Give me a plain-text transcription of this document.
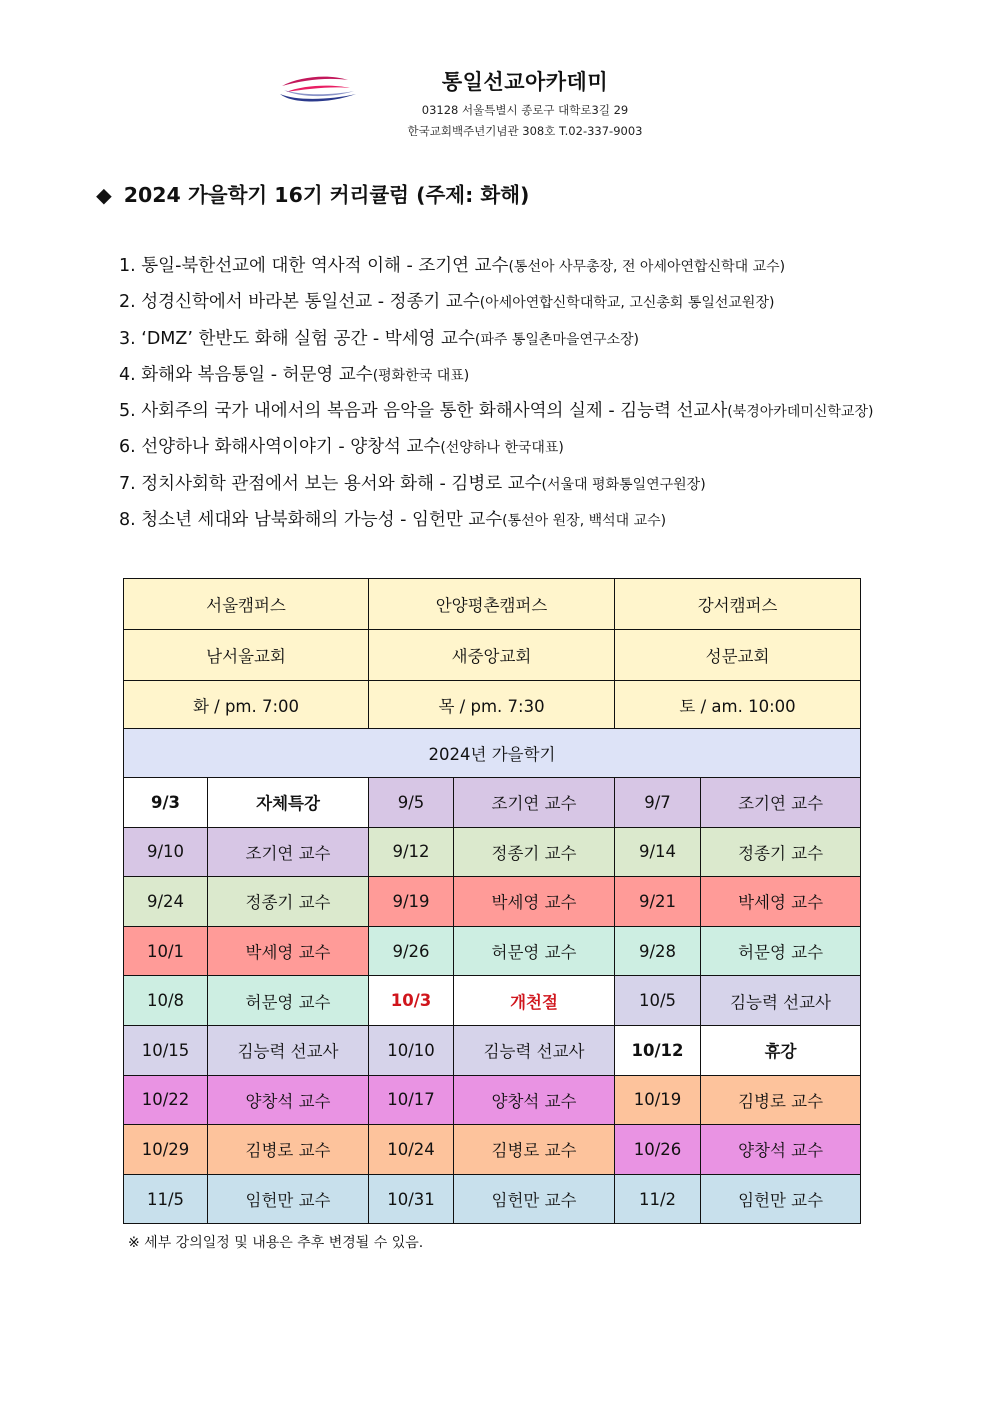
통일선교아카데미
03128 서울특별시 종로구 대학로3길 29
한국교회백주년기념관 308호 T.02-337-9003
◆ 2024 가을학기 16기 커리큘럼 (주제: 화해)
1. 통일-북한선교에 대한 역사적 이해 - 조기연 교수(통선아 사무총장, 전 아세아연합신학대 교수)
2. 성경신학에서 바라본 통일선교 - 정종기 교수(아세아연합신학대학교, 고신총회 통일선교원장)
3. ‘DMZ’ 한반도 화해 실험 공간 - 박세영 교수(파주 통일촌마을연구소장)
4. 화해와 복음통일 - 허문영 교수(평화한국 대표)
5. 사회주의 국가 내에서의 복음과 음악을 통한 화해사역의 실제 - 김능력 선교사(북경아카데미신학교장)
6. 선양하나 화해사역이야기 - 양창석 교수(선양하나 한국대표)
7. 정치사회학 관점에서 보는 용서와 화해 - 김병로 교수(서울대 평화통일연구원장)
8. 청소년 세대와 남북화해의 가능성 - 임헌만 교수(통선아 원장, 백석대 교수)
서울캠퍼스		안양평촌캠퍼스		강서캠퍼스	
남서울교회		새중앙교회		성문교회	
화 / pm. 7:00		목 / pm. 7:30		토 / am. 10:00	
2024년 가을학기					
9/3	자체특강	9/5	조기연 교수	9/7	조기연 교수
9/10	조기연 교수	9/12	정종기 교수	9/14	정종기 교수
9/24	정종기 교수	9/19	박세영 교수	9/21	박세영 교수
10/1	박세영 교수	9/26	허문영 교수	9/28	허문영 교수
10/8	허문영 교수	10/3	개천절	10/5	김능력 선교사
10/15	김능력 선교사	10/10	김능력 선교사	10/12	휴강
10/22	양창석 교수	10/17	양창석 교수	10/19	김병로 교수
10/29	김병로 교수	10/24	김병로 교수	10/26	양창석 교수
11/5	임헌만 교수	10/31	임헌만 교수	11/2	임헌만 교수
※ 세부 강의일정 및 내용은 추후 변경될 수 있음.
